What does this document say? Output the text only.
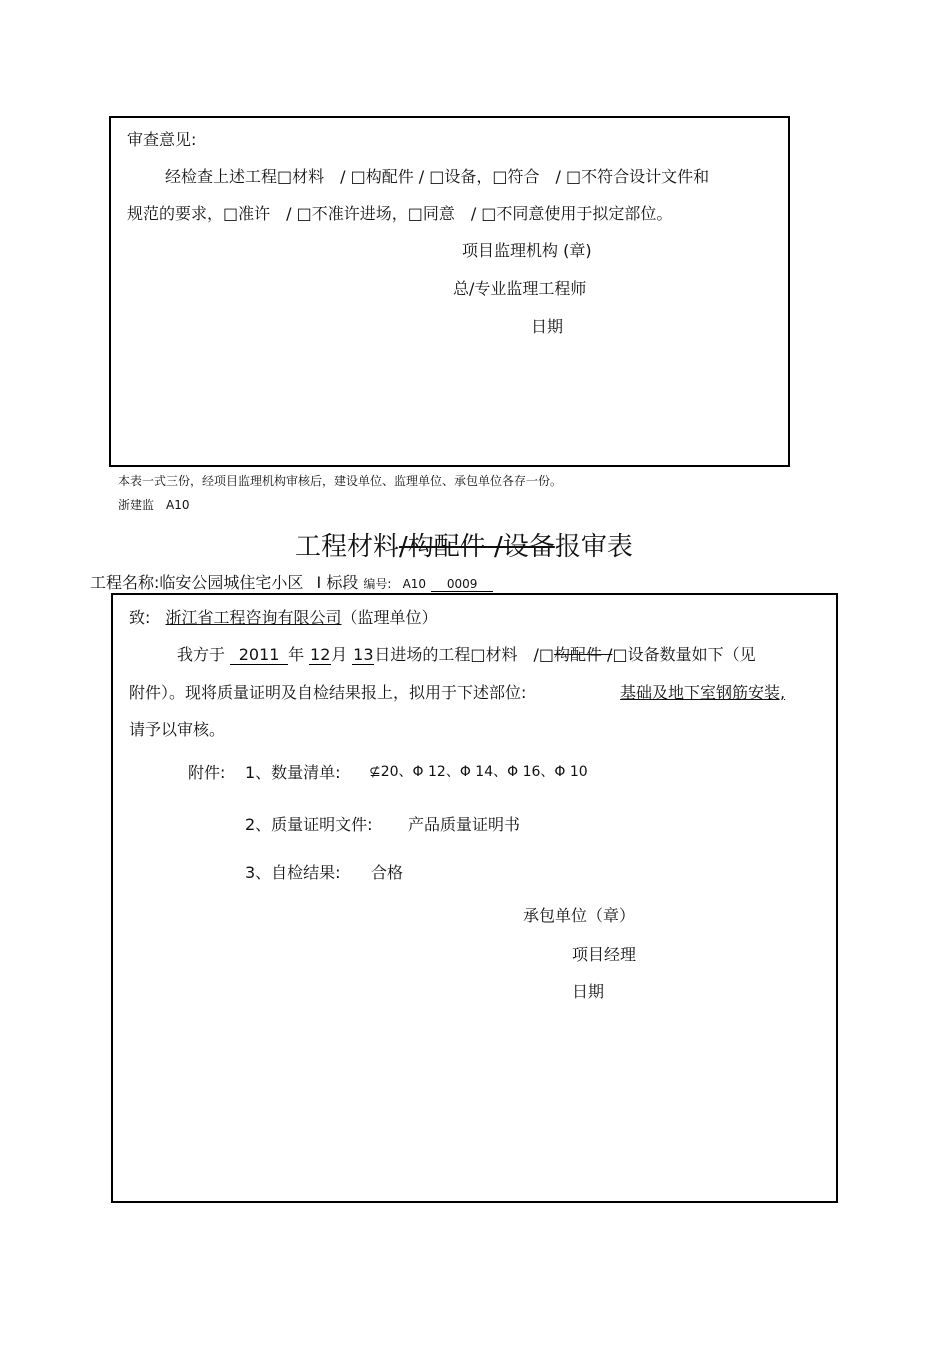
审查意见:
经检查上述工程□材料　/ □构配件 / □设备，□符合　/ □不符合设计文件和
规范的要求，□准许　/ □不准许进场，□同意　/ □不同意使用于拟定部位。
项目监理机构 (章)
总/专业监理工程师
日期
本表一式三份，经项目监理机构审核后，建设单位、监理单位、承包单位各存一份。
浙建监　A10
工程材料/构配件 /设备报审表
工程名称:临安公园城住宅小区 Ⅰ 标段 编号: A10 0009
致: 浙江省工程咨询有限公司（监理单位）
我方于 2011 年 12月 13日进场的工程□材料　/□构配件 /□设备数量如下（见
附件）。现将质量证明及自检结果报上，拟用于下述部位:	基础及地下室钢筋安装,
请予以审核。
附件: 1、数量清单: ⊈20、Φ 12、Φ 14、Φ 16、Φ 10
2、质量证明文件: 产品质量证明书
3、自检结果: 合格
承包单位（章）
项目经理
日期
